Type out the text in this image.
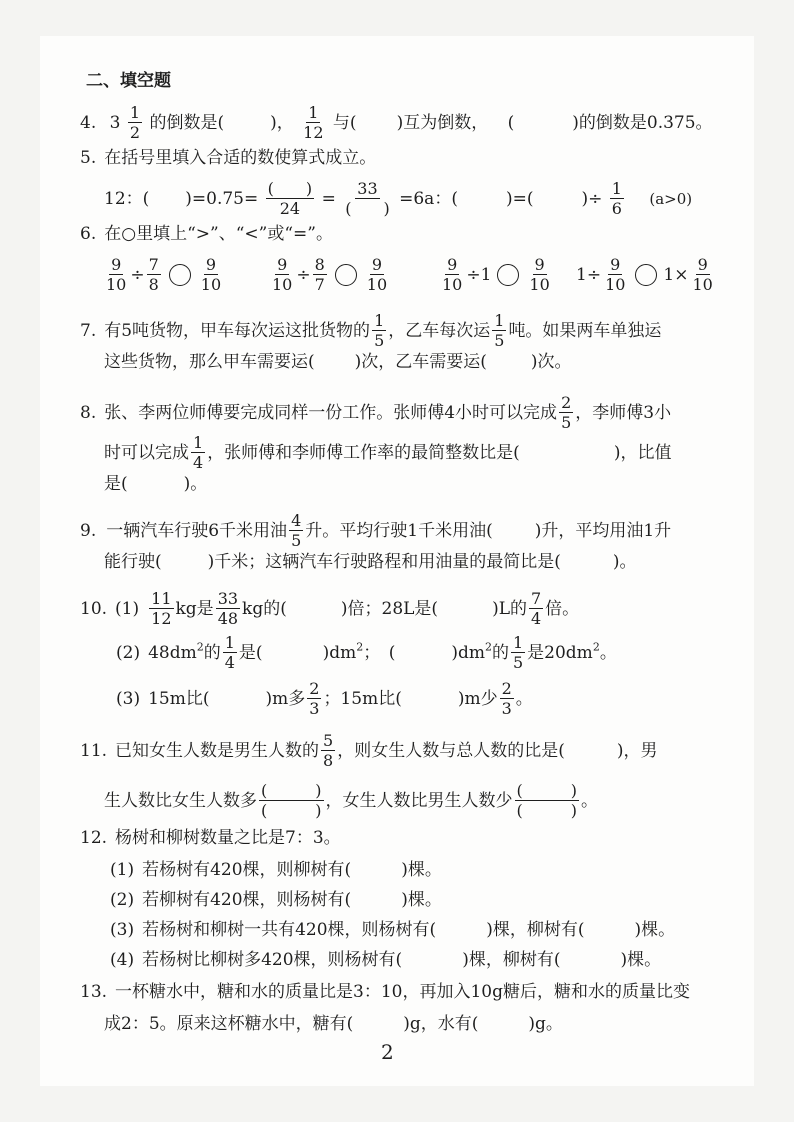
二、填空题
4. $3 \frac{1}{2}$ 的倒数是(	)， $\frac{1}{12}$ 与( )互为倒数， (	)的倒数是0.375。
5. 在括号里填入合适的数使算式成立。
12：( )=0.75= (　　)
24 = 33
(　　) =6a：(	)=(	)÷ $\frac{1}{6} (a>0)$
6. 在○里填上“>”、“<”或“=”。
$\frac{9}{10} \div \frac{7}{8} \frac{9}{10}$	$\frac{9}{10} \div \frac{8}{7} \frac{9}{10}$	$\frac{9}{10} \div 1 \frac{9}{10} 1\div \frac{9}{10} 1\times \frac{9}{10}$
7. 有5吨货物，甲车每次运这批货物的 $\frac{1}{5}$ ，乙车每次运 $\frac{1}{5}$ 吨。如果两车单独运
这些货物，那么甲车需要运( )次，乙车需要运(	)次。
8. 张、李两位师傅要完成同样一份工作。张师傅4小时可以完成 $\frac{2}{5}$ ，李师傅3小
时可以完成 $\frac{1}{4}$ ，张师傅和李师傅工作率的最简整数比是(	)，比值
是(	)。
9. 一辆汽车行驶6千米用油 $\frac{4}{5}$ 升。平均行驶1千米用油( )升，平均用油1升
能行驶(	)千米；这辆汽车行驶路程和用油量的最简比是(	)。
10. $(1) \frac{11}{12}$ kg是 $\frac{33}{48}$ kg的(	)倍；28L是(	)L的 $\frac{7}{4}$ 倍。
(2) $48dm^2$的 $\frac{1}{4}$ 是(	)$dm^2$；　(	)$dm^2$的 $\frac{1}{5}$ 是$20dm^2$。
(3) 15m比(	)m多 $\frac{2}{3}$ ；15m比(	)m少 $\frac{2}{3}$ 。
11. 已知女生人数是男生人数的 $\frac{5}{8}$ ，则女生人数与总人数的比是(	)，男
生人数比女生人数多 (　　　)
(　　　) ，女生人数比男生人数少 (　　　)
(　　　) 。
12. 杨树和柳树数量之比是7：3。
(1) 若杨树有420棵，则柳树有(	)棵。
(2) 若柳树有420棵，则杨树有(	)棵。
(3) 若杨树和柳树一共有420棵，则杨树有(	)棵，柳树有(	)棵。
(4) 若杨树比柳树多420棵，则杨树有(	)棵，柳树有(	)棵。
13. 一杯糖水中，糖和水的质量比是3：10，再加入10g糖后，糖和水的质量比变
成2：5。原来这杯糖水中，糖有(	)g，水有(	)g。
2
